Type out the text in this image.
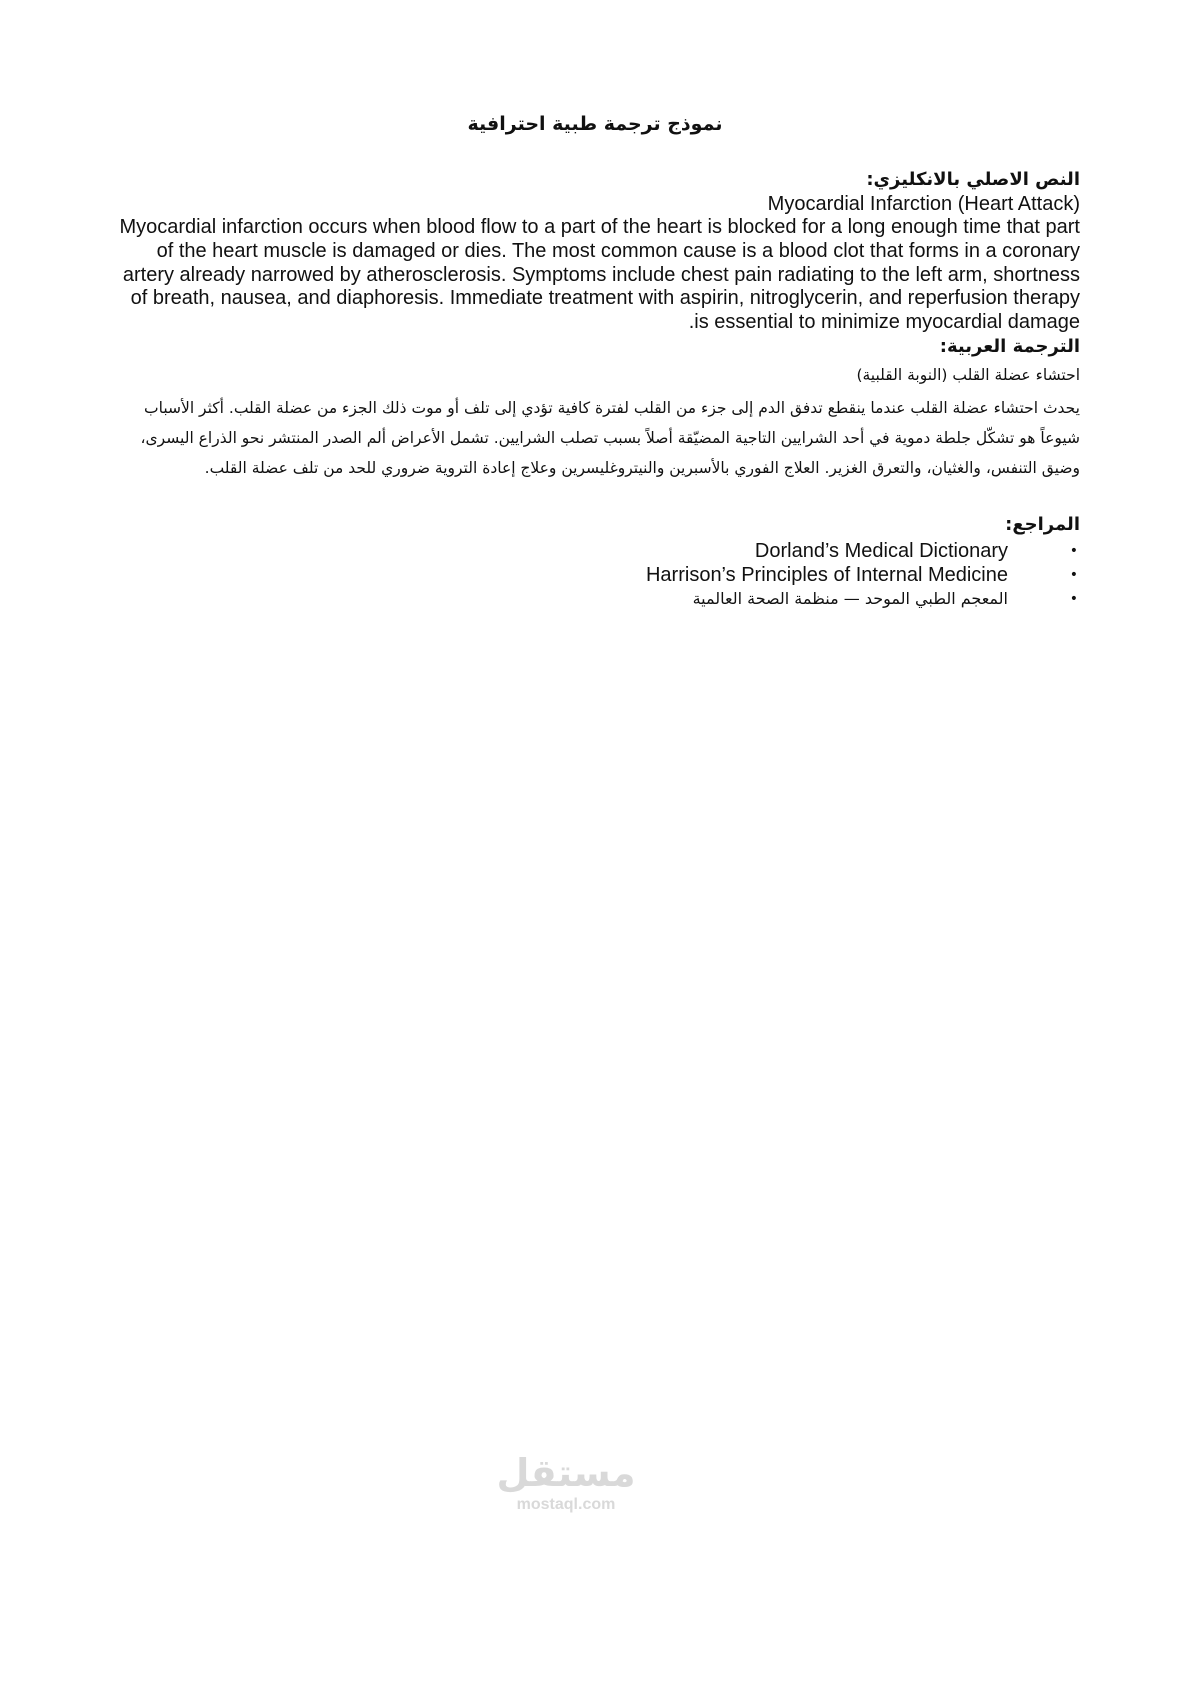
نموذج ترجمة طبية احترافية
النص الاصلي بالانكليزي:
Myocardial Infarction (Heart Attack)
Myocardial infarction occurs when blood flow to a part of the heart is blocked for a long enough time that part of the heart muscle is damaged or dies. The most common cause is a blood clot that forms in a coronary artery already narrowed by atherosclerosis. Symptoms include chest pain radiating to the left arm, shortness of breath, nausea, and diaphoresis. Immediate treatment with aspirin, nitroglycerin, and reperfusion therapy is essential to minimize myocardial damage.
الترجمة العربية:
احتشاء عضلة القلب (النوبة القلبية)
يحدث احتشاء عضلة القلب عندما ينقطع تدفق الدم إلى جزء من القلب لفترة كافية تؤدي إلى تلف أو موت ذلك الجزء من عضلة القلب. أكثر الأسباب شيوعاً هو تشكّل جلطة دموية في أحد الشرايين التاجية المضيّقة أصلاً بسبب تصلب الشرايين. تشمل الأعراض ألم الصدر المنتشر نحو الذراع اليسرى، وضيق التنفس، والغثيان، والتعرق الغزير. العلاج الفوري بالأسبرين والنيتروغليسرين وعلاج إعادة التروية ضروري للحد من تلف عضلة القلب.
المراجع:
•
Dorland’s Medical Dictionary
•
Harrison’s Principles of Internal Medicine
•
المعجم الطبي الموحد — منظمة الصحة العالمية
مستقل
mostaql.com
